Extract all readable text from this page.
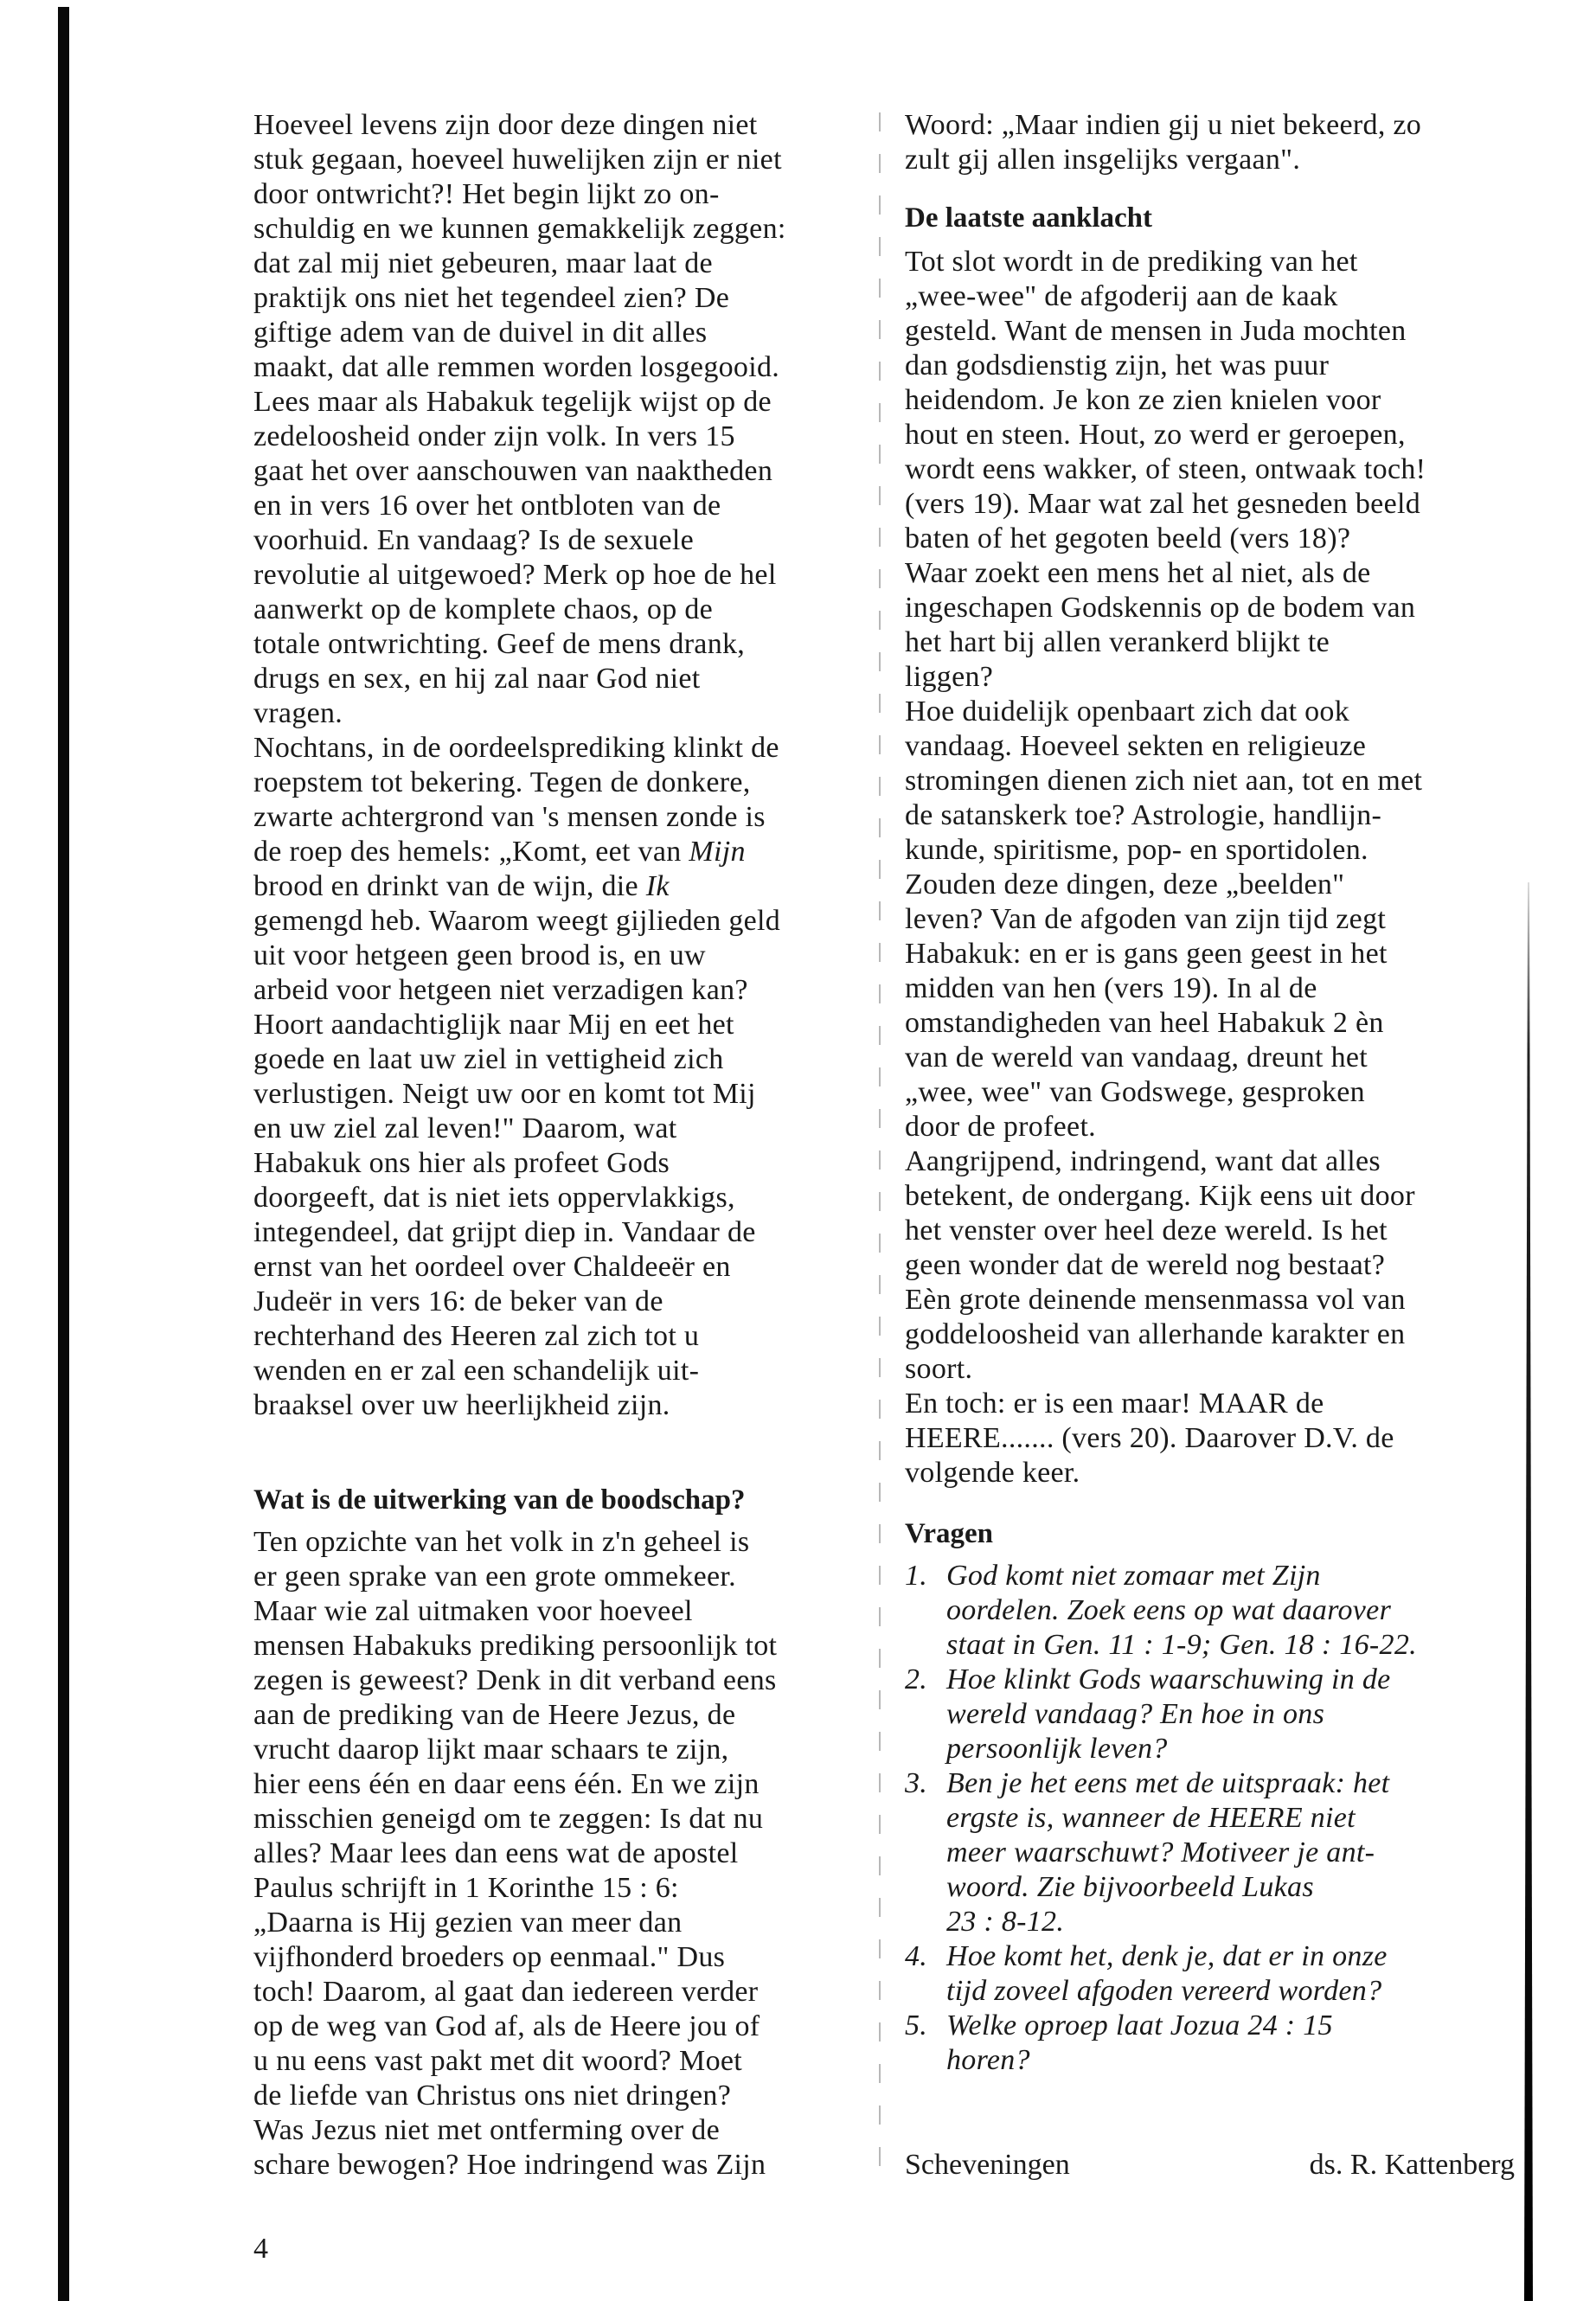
Hoeveel levens zijn door deze dingen niet
stuk gegaan, hoeveel huwelijken zijn er niet
door ontwricht?! Het begin lijkt zo on-
schuldig en we kunnen gemakkelijk zeggen:
dat zal mij niet gebeuren, maar laat de
praktijk ons niet het tegendeel zien? De
giftige adem van de duivel in dit alles
maakt, dat alle remmen worden losgegooid.
Lees maar als Habakuk tegelijk wijst op de
zedeloosheid onder zijn volk. In vers 15
gaat het over aanschouwen van naaktheden
en in vers 16 over het ontbloten van de
voorhuid. En vandaag? Is de sexuele
revolutie al uitgewoed? Merk op hoe de hel
aanwerkt op de komplete chaos, op de
totale ontwrichting. Geef de mens drank,
drugs en sex, en hij zal naar God niet
vragen.
Nochtans, in de oordeelsprediking klinkt de
roepstem tot bekering. Tegen de donkere,
zwarte achtergrond van 's mensen zonde is
de roep des hemels: „Komt, eet van Mijn
brood en drinkt van de wijn, die Ik
gemengd heb. Waarom weegt gijlieden geld
uit voor hetgeen geen brood is, en uw
arbeid voor hetgeen niet verzadigen kan?
Hoort aandachtiglijk naar Mij en eet het
goede en laat uw ziel in vettigheid zich
verlustigen. Neigt uw oor en komt tot Mij
en uw ziel zal leven!" Daarom, wat
Habakuk ons hier als profeet Gods
doorgeeft, dat is niet iets oppervlakkigs,
integendeel, dat grijpt diep in. Vandaar de
ernst van het oordeel over Chaldeeër en
Judeër in vers 16: de beker van de
rechterhand des Heeren zal zich tot u
wenden en er zal een schandelijk uit-
braaksel over uw heerlijkheid zijn.
Wat is de uitwerking van de boodschap?
Ten opzichte van het volk in z'n geheel is
er geen sprake van een grote ommekeer.
Maar wie zal uitmaken voor hoeveel
mensen Habakuks prediking persoonlijk tot
zegen is geweest? Denk in dit verband eens
aan de prediking van de Heere Jezus, de
vrucht daarop lijkt maar schaars te zijn,
hier eens één en daar eens één. En we zijn
misschien geneigd om te zeggen: Is dat nu
alles? Maar lees dan eens wat de apostel
Paulus schrijft in 1 Korinthe 15 : 6:
„Daarna is Hij gezien van meer dan
vijfhonderd broeders op eenmaal." Dus
toch! Daarom, al gaat dan iedereen verder
op de weg van God af, als de Heere jou of
u nu eens vast pakt met dit woord? Moet
de liefde van Christus ons niet dringen?
Was Jezus niet met ontferming over de
schare bewogen? Hoe indringend was Zijn
Woord: „Maar indien gij u niet bekeerd, zo
zult gij allen insgelijks vergaan".
De laatste aanklacht
Tot slot wordt in de prediking van het
„wee-wee" de afgoderij aan de kaak
gesteld. Want de mensen in Juda mochten
dan godsdienstig zijn, het was puur
heidendom. Je kon ze zien knielen voor
hout en steen. Hout, zo werd er geroepen,
wordt eens wakker, of steen, ontwaak toch!
(vers 19). Maar wat zal het gesneden beeld
baten of het gegoten beeld (vers 18)?
Waar zoekt een mens het al niet, als de
ingeschapen Godskennis op de bodem van
het hart bij allen verankerd blijkt te
liggen?
Hoe duidelijk openbaart zich dat ook
vandaag. Hoeveel sekten en religieuze
stromingen dienen zich niet aan, tot en met
de satanskerk toe? Astrologie, handlijn-
kunde, spiritisme, pop- en sportidolen.
Zouden deze dingen, deze „beelden"
leven? Van de afgoden van zijn tijd zegt
Habakuk: en er is gans geen geest in het
midden van hen (vers 19). In al de
omstandigheden van heel Habakuk 2 èn
van de wereld van vandaag, dreunt het
„wee, wee" van Godswege, gesproken
door de profeet.
Aangrijpend, indringend, want dat alles
betekent, de ondergang. Kijk eens uit door
het venster over heel deze wereld. Is het
geen wonder dat de wereld nog bestaat?
Eèn grote deinende mensenmassa vol van
goddeloosheid van allerhande karakter en
soort.
En toch: er is een maar! MAAR de
HEERE....... (vers 20). Daarover D.V. de
volgende keer.
Vragen
1. God komt niet zomaar met Zijn
oordelen. Zoek eens op wat daarover
staat in Gen. 11 : 1-9; Gen. 18 : 16-22.
2. Hoe klinkt Gods waarschuwing in de
wereld vandaag? En hoe in ons
persoonlijk leven?
3. Ben je het eens met de uitspraak: het
ergste is, wanneer de HEERE niet
meer waarschuwt? Motiveer je ant-
woord. Zie bijvoorbeeld Lukas
23 : 8-12.
4. Hoe komt het, denk je, dat er in onze
tijd zoveel afgoden vereerd worden?
5. Welke oproep laat Jozua 24 : 15
horen?
Scheveningen	ds. R. Kattenberg
4
